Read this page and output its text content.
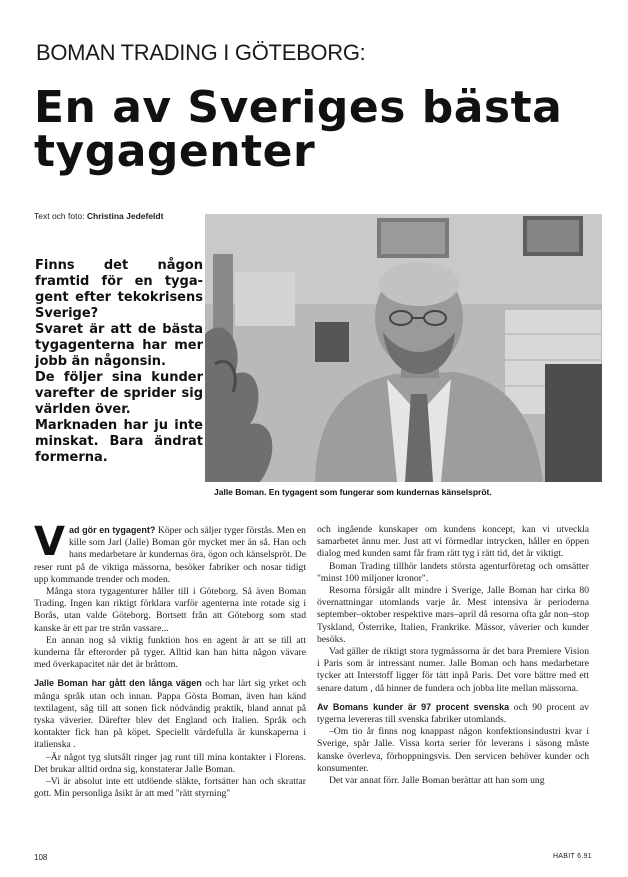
BOMAN TRADING I GÖTEBORG:
En av Sveriges bästa
tygagenter
Text och foto: Christina Jedefeldt

Finns det någon framtid för en tygagent efter tekokrisens Sverige?

Svaret är att de bästa tygagenterna har mer jobb än någonsin.

De följer sina kunder varefter de sprider sig världen över.

Marknaden har ju inte minskat. Bara ändrat formerna.

Jalle Boman. En tygagent som fungerar som kundernas känselspröt.

Vad gör en tygagent? Köper och säljer tyger förstås. Men en kille som Jarl (Jalle) Boman gör mycket mer än så. Han och hans medarbetare är kundernas öra, ögon och känselspröt. De reser runt på de viktiga mässorna, besöker fabriker och nosar tidigt upp kommande trender och moden.

Många stora tygagenturer håller till i Göteborg. Så även Boman Trading. Ingen kan riktigt förklara varför agenterna inte rotade sig i Borås, utan valde Göteborg. Bortsett från att Göteborg som stad kanske är ett par tre strån vassare...

En annan nog så viktig funktion hos en agent är att se till att kunderna får efterorder på tyger. Alltid kan han hitta någon vävare med överkapacitet när det är bråttom.

Jalle Boman har gått den långa vägen och har lärt sig yrket och många språk utan och innan. Pappa Gösta Boman, även han känd textilagent, såg till att sonen fick nödvändig praktik, bland annat på tyska väverier. Därefter blev det England och Italien. Språk och kontakter fick han på köpet. Speciellt värdefulla är kunskaperna i italienska .

–Är något tyg slutsålt ringer jag runt till mina kontakter i Florens. Det brukar alltid ordna sig, konstaterar Jalle Boman.

–Vi är absolut inte ett utdöende släkte, fortsätter han och skrattar gott. Min personliga åsikt är att med "rätt styrning"

och ingående kunskaper om kundens koncept, kan vi utveckla samarbetet ännu mer. Just att vi förmedlar intrycken, håller en öppen dialog med kunden samt får fram rätt tyg i rätt tid, det är viktigt.

Boman Trading tillhör landets största agenturföretag och omsätter "minst 100 miljoner kronor".

Resorna försigår allt mindre i Sverige, Jalle Boman har cirka 80 övernattningar utomlands varje år. Mest intensiva är perioderna september–oktober respektive mars–april då resorna ofta går non–stop Tyskland, Österrike, Italien, Frankrike. Mässor, väverier och kunder besöks.

Vad gäller de riktigt stora tygmässorna är det bara Premiere Vision i Paris som är intressant numer. Jalle Boman och hans medarbetare tycker att Interstoff ligger för tätt inpå Paris. Det vore bättre med ett senare datum , då hinner de fundera och jobba lite mellan mässorna.

Av Bomans kunder är 97 procent svenska och 90 procent av tygerna levereras till svenska fabriker utomlands.

–Om tio år finns nog knappast någon konfektionsindustri kvar i Sverige, spår Jalle. Vissa korta serier för leverans i säsong måste kanske överleva, förhoppningsvis. Den servicen behöver kunder och konsumenter.

Det var annat förr. Jalle Boman berättar att han som ung

108	HABIT 6.91
